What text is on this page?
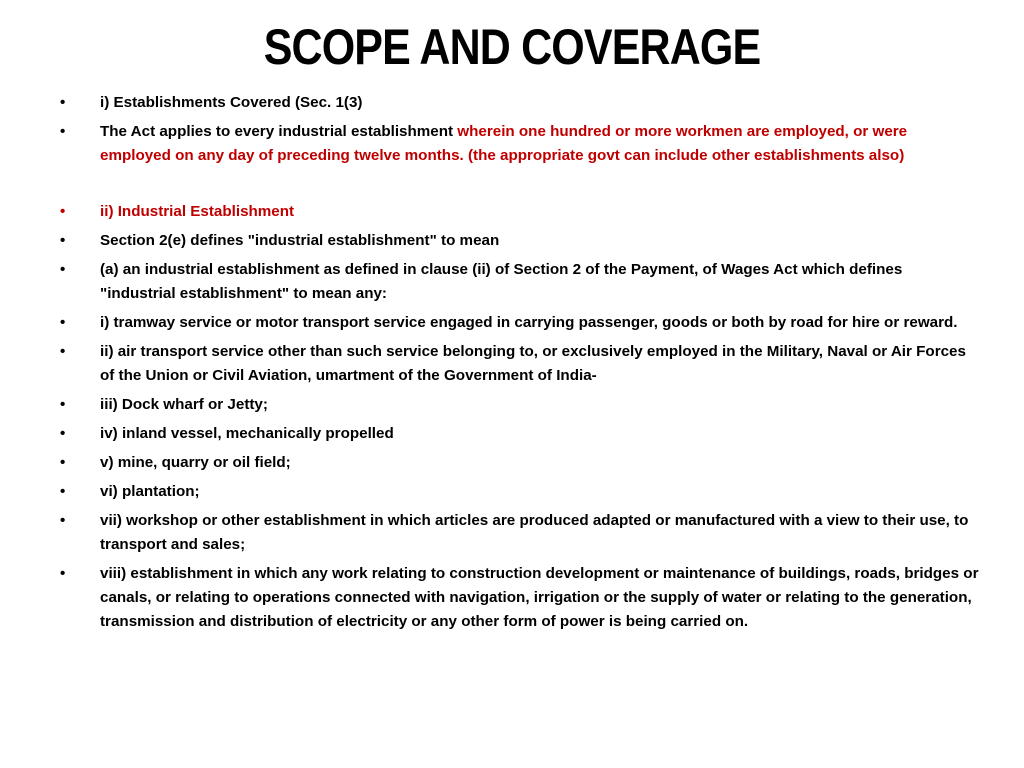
SCOPE AND COVERAGE
•	i) Establishments Covered (Sec. 1(3)
•	The Act applies to every industrial establishment wherein one hundred or more workmen are employed, or were employed on any day of preceding twelve months. (the appropriate govt can include other establishments also)
•	ii) Industrial Establishment
•	Section 2(e) defines "industrial establishment" to mean
•	(a) an industrial establishment as defined in clause (ii) of Section 2 of the Payment, of Wages Act which defines "industrial establishment" to mean any:
•	i) tramway service or motor transport service engaged in carrying passenger, goods or both by road for hire or reward.
•	ii) air transport service other than such service belonging to, or exclusively employed in the Military, Naval or Air Forces of the Union or Civil Aviation, umartment of the Government of India-
•	iii) Dock wharf or Jetty;
•	iv) inland vessel, mechanically propelled
•	v) mine, quarry or oil field;
•	vi) plantation;
•	vii) workshop or other establishment in which articles are produced adapted or manufactured with a view to their use, to transport and sales;
•	viii) establishment in which any work relating to construction development or maintenance of buildings, roads, bridges or canals, or relating to operations connected with navigation, irrigation or the supply of water or relating to the generation, transmission and distribution of electricity or any other form of power is being carried on.
